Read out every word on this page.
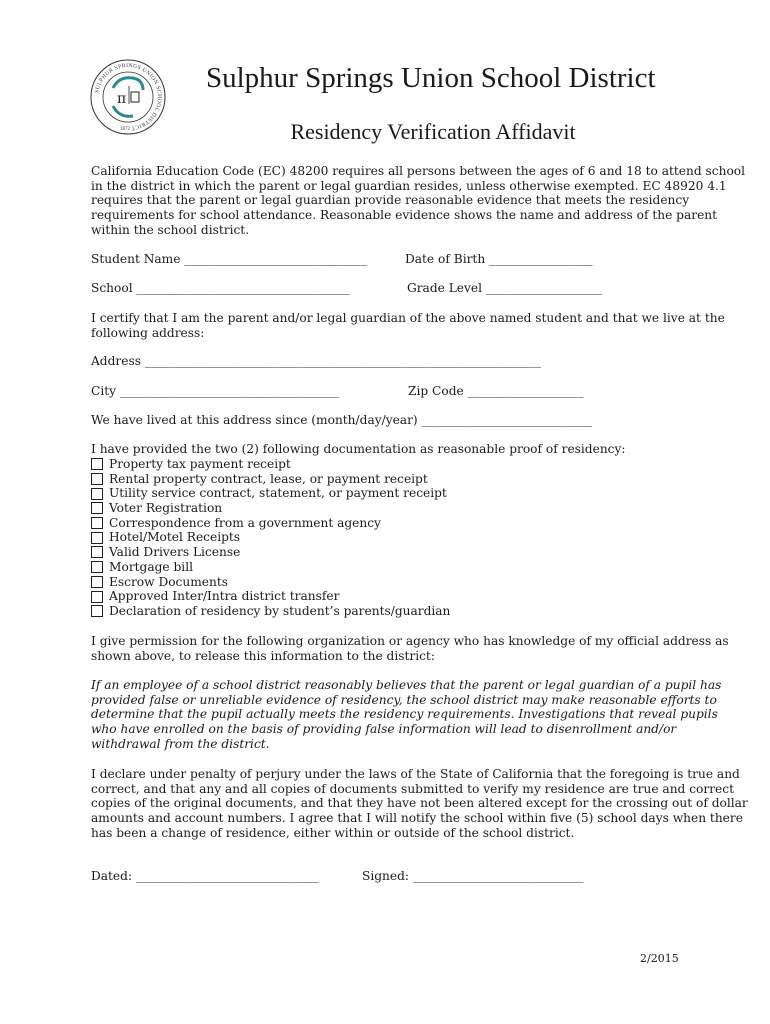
SULPHUR SPRINGS UNION SCHOOL DISTRICT
π
1872
Sulphur Springs Union School District
Residency Verification Affidavit
California Education Code (EC) 48200 requires all persons between the ages of 6 and 18 to attend school
in the district in which the parent or legal guardian resides, unless otherwise exempted. EC 48920 4.1
requires that the parent or legal guardian provide reasonable evidence that meets the residency
requirements for school attendance. Reasonable evidence shows the name and address of the parent
within the school district.
Student Name ______________________________	Date of Birth _________________
School ___________________________________	Grade Level ___________________
I certify that I am the parent and/or legal guardian of the above named student and that we live at the
following address:
Address _________________________________________________________________
City ____________________________________	Zip Code ___________________
We have lived at this address since (month/day/year) ____________________________
I have provided the two (2) following documentation as reasonable proof of residency:
Property tax payment receipt
Rental property contract, lease, or payment receipt
Utility service contract, statement, or payment receipt
Voter Registration
Correspondence from a government agency
Hotel/Motel Receipts
Valid Drivers License
Mortgage bill
Escrow Documents
Approved Inter/Intra district transfer
Declaration of residency by student’s parents/guardian
I give permission for the following organization or agency who has knowledge of my official address as
shown above, to release this information to the district:
If an employee of a school district reasonably believes that the parent or legal guardian of a pupil has
provided false or unreliable evidence of residency, the school district may make reasonable efforts to
determine that the pupil actually meets the residency requirements. Investigations that reveal pupils
who have enrolled on the basis of providing false information will lead to disenrollment and/or
withdrawal from the district.
I declare under penalty of perjury under the laws of the State of California that the foregoing is true and
correct, and that any and all copies of documents submitted to verify my residence are true and correct
copies of the original documents, and that they have not been altered except for the crossing out of dollar
amounts and account numbers. I agree that I will notify the school within five (5) school days when there
has been a change of residence, either within or outside of the school district.
Dated: ______________________________	Signed: ____________________________
2/2015
